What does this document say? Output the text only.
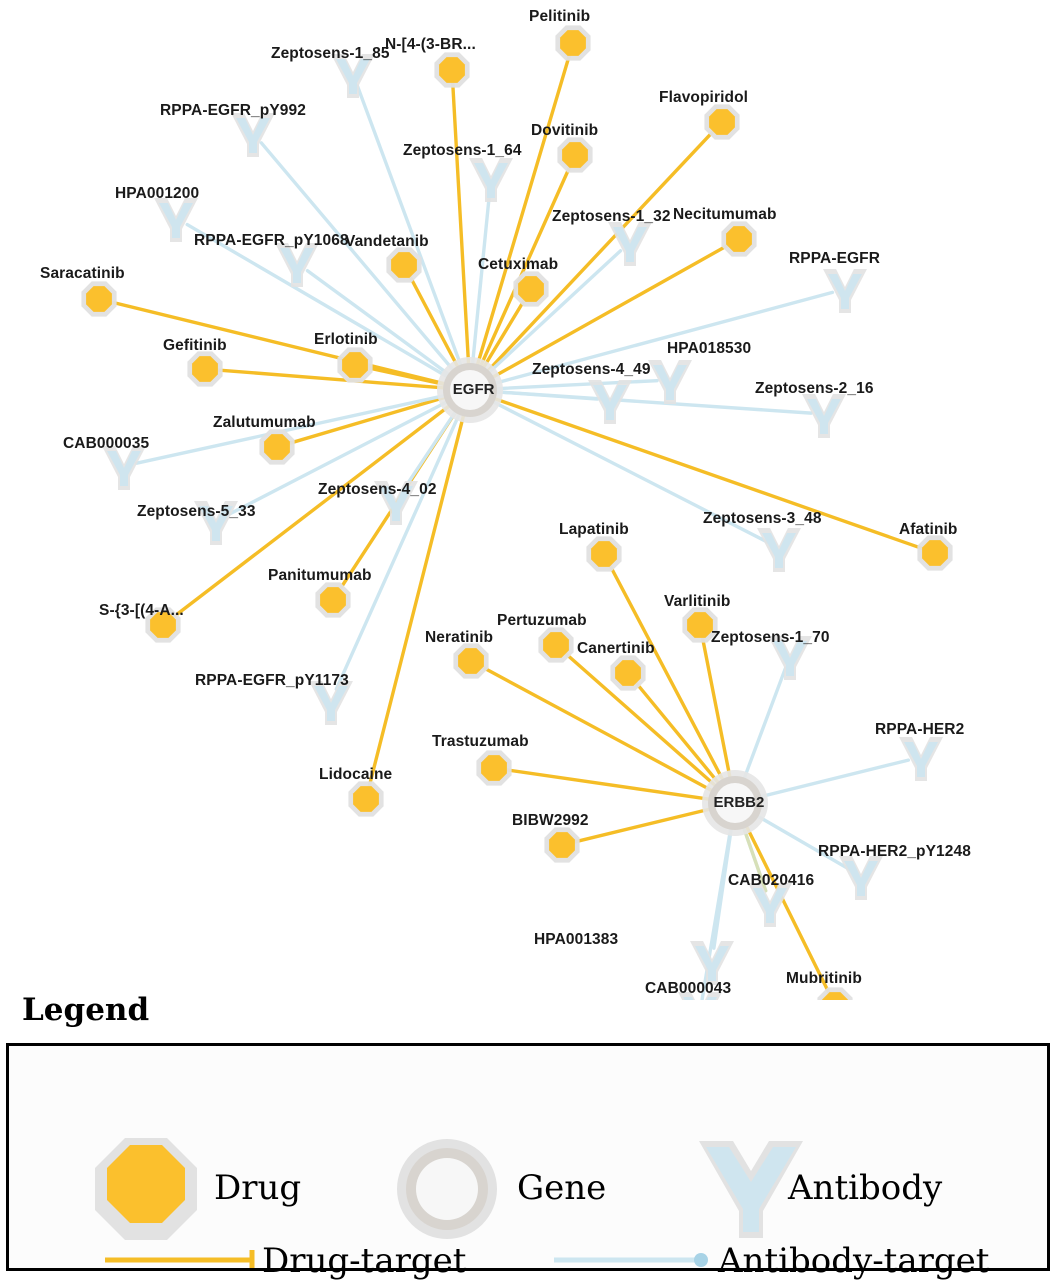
Pelitinib
N-[4-(3-BR...
Flavopiridol
Dovitinib
Necitumumab
Vandetanib
Cetuximab
Saracatinib
Gefitinib	Erlotinib
Zalutumumab
Afatinib
Lapatinib
Panitumumab
Varlitinib
S-{3-[(4-A...
Pertuzumab
Neratinib
Canertinib
Trastuzumab
Lidocaine
BIBW2992
Mubritinib
Zeptosens-1_85
RPPA-EGFR_pY992
Zeptosens-1_64
HPA001200
Zeptosens-1_32
RPPA-EGFR_pY1068
RPPA-EGFR
HPA018530
Zeptosens-4_49
Zeptosens-2_16
CAB000035
Zeptosens-5_33
Zeptosens-4_02
Zeptosens-3_48
Zeptosens-1_70
RPPA-EGFR_pY1173
RPPA-HER2
RPPA-HER2_pY1248
CAB020416
HPA001383
CAB000043
EGFR
ERBB2
Legend
Drug	Gene	Antibody
Drug-target	Antibody-target
